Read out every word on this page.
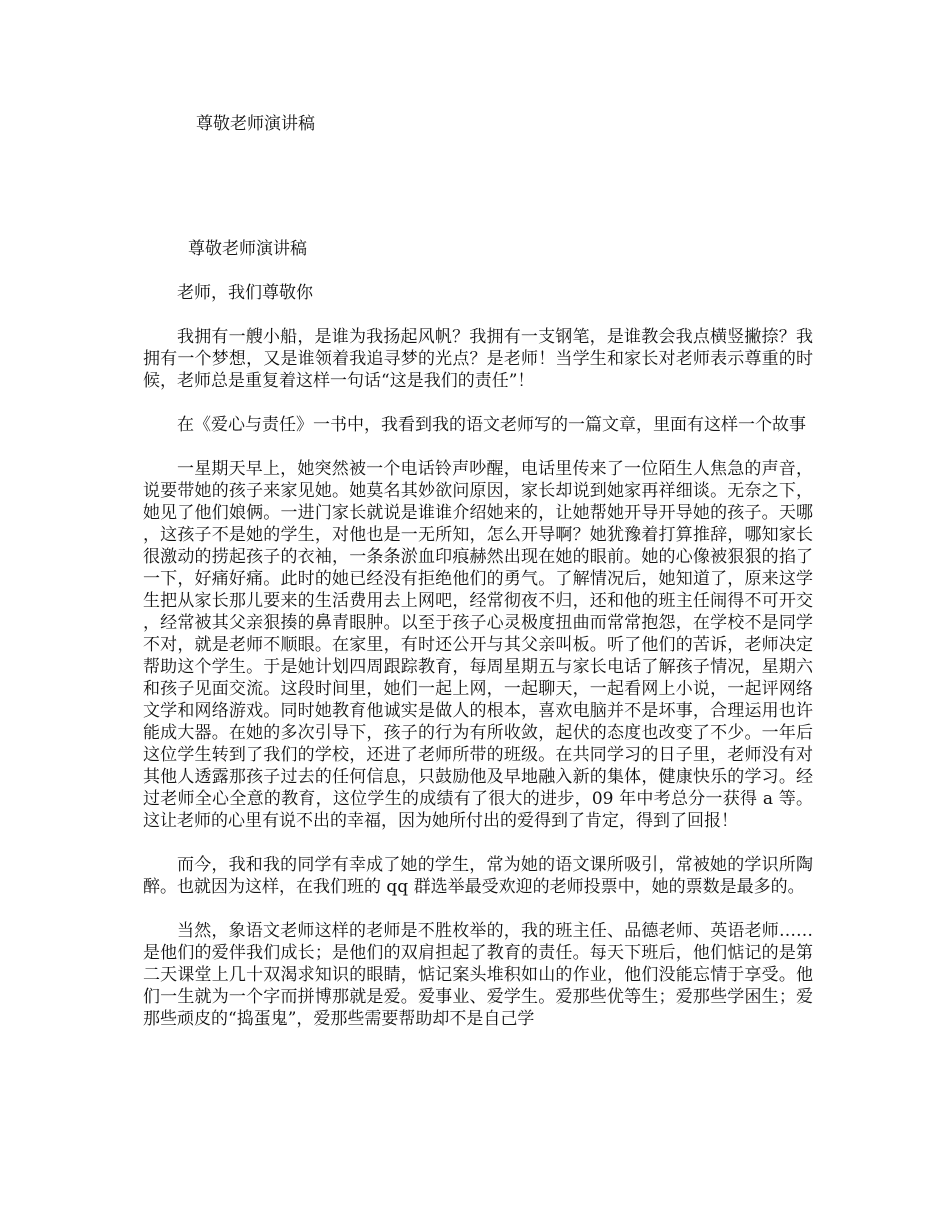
尊敬老师演讲稿
尊敬老师演讲稿
老师，我们尊敬你

我拥有一艘小船，是谁为我扬起风帆？我拥有一支钢笔，是谁教会我点横竖撇捺？我拥有一个梦想，又是谁领着我追寻梦的光点？是老师！当学生和家长对老师表示尊重的时候，老师总是重复着这样一句话“这是我们的责任”！

在《爱心与责任》一书中，我看到我的语文老师写的一篇文章，里面有这样一个故事

一星期天早上，她突然被一个电话铃声吵醒，电话里传来了一位陌生人焦急的声音，说要带她的孩子来家见她。她莫名其妙欲问原因，家长却说到她家再祥细谈。无奈之下，她见了他们娘俩。一进门家长就说是谁谁介绍她来的，让她帮她开导开导她的孩子。天哪，这孩子不是她的学生，对他也是一无所知，怎么开导啊？她犹豫着打算推辞，哪知家长很激动的捞起孩子的衣袖，一条条淤血印痕赫然出现在她的眼前。她的心像被狠狠的掐了一下，好痛好痛。此时的她已经没有拒绝他们的勇气。了解情况后，她知道了，原来这学生把从家长那儿要来的生活费用去上网吧，经常彻夜不归，还和他的班主任闹得不可开交，经常被其父亲狠揍的鼻青眼肿。以至于孩子心灵极度扭曲而常常抱怨，在学校不是同学不对，就是老师不顺眼。在家里，有时还公开与其父亲叫板。听了他们的苦诉，老师决定帮助这个学生。于是她计划四周跟踪教育，每周星期五与家长电话了解孩子情况，星期六和孩子见面交流。这段时间里，她们一起上网，一起聊天，一起看网上小说，一起评网络文学和网络游戏。同时她教育他诚实是做人的根本，喜欢电脑并不是坏事，合理运用也许能成大器。在她的多次引导下，孩子的行为有所收敛，起伏的态度也改变了不少。一年后这位学生转到了我们的学校，还进了老师所带的班级。在共同学习的日子里，老师没有对其他人透露那孩子过去的任何信息，只鼓励他及早地融入新的集体，健康快乐的学习。经过老师全心全意的教育，这位学生的成绩有了很大的进步，09 年中考总分一获得 a 等。这让老师的心里有说不出的幸福，因为她所付出的爱得到了肯定，得到了回报！

而今，我和我的同学有幸成了她的学生，常为她的语文课所吸引，常被她的学识所陶醉。也就因为这样，在我们班的 qq 群选举最受欢迎的老师投票中，她的票数是最多的。

当然，象语文老师这样的老师是不胜枚举的，我的班主任、品德老师、英语老师……是他们的爱伴我们成长；是他们的双肩担起了教育的责任。每天下班后，他们惦记的是第二天课堂上几十双渴求知识的眼睛，惦记案头堆积如山的作业，他们没能忘情于享受。他们一生就为一个字而拼博那就是爱。爱事业、爱学生。爱那些优等生；爱那些学困生；爱那些顽皮的“捣蛋鬼”，爱那些需要帮助却不是自己学
